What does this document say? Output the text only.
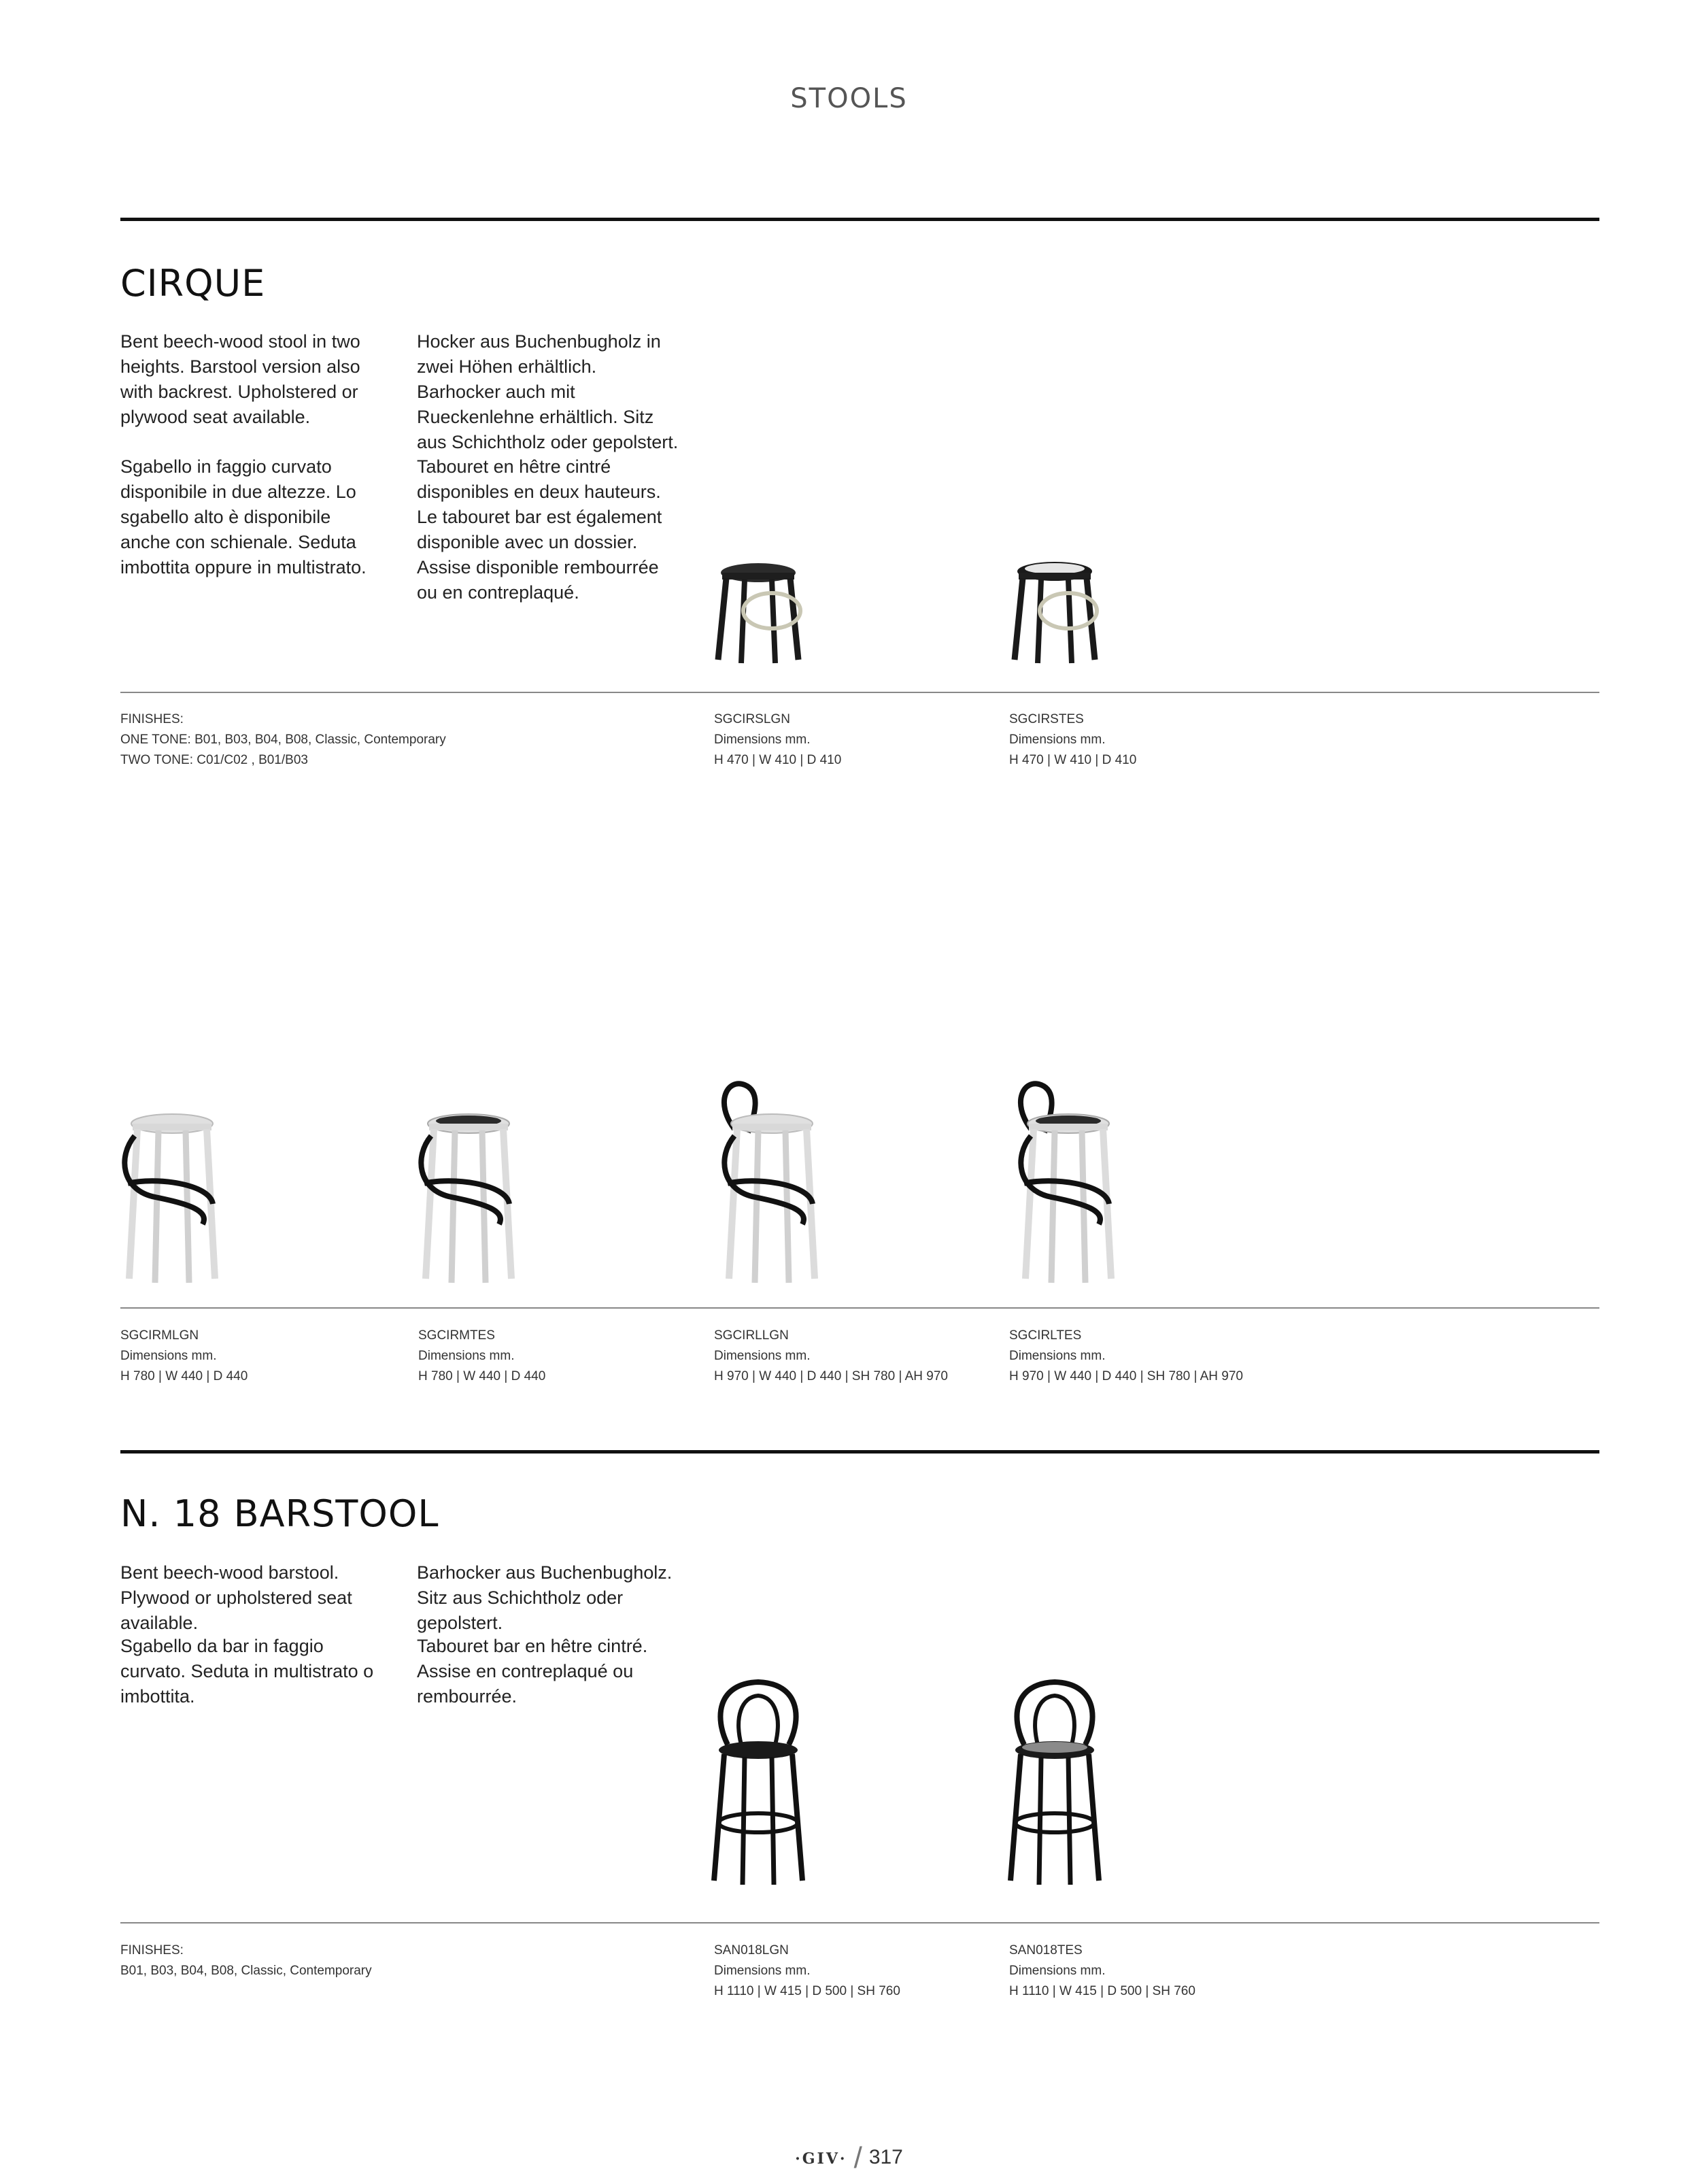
STOOLS
CIRQUE
Bent beech-wood stool in two heights. Barstool version also with backrest. Upholstered or plywood seat available.
Sgabello in faggio curvato disponibile in due altezze. Lo sgabello alto è disponibile anche con schienale. Seduta imbottita oppure in multistrato.
Hocker aus Buchenbugholz in zwei Höhen erhältlich. Barhocker auch mit Rueckenlehne erhältlich. Sitz aus Schichtholz oder gepolstert.
Tabouret en hêtre cintré disponibles en deux hauteurs. Le tabouret bar est également disponible avec un dossier. Assise disponible rembourrée ou en contreplaqué.
FINISHES:
ONE TONE: B01, B03, B04, B08, Classic, Contemporary
TWO TONE: C01/C02 , B01/B03
SGCIRSLGN
Dimensions mm.
H 470 | W 410 | D 410
SGCIRSTES
Dimensions mm.
H 470 | W 410 | D 410
SGCIRMLGN
Dimensions mm.
H 780 | W 440 | D 440
SGCIRMTES
Dimensions mm.
H 780 | W 440 | D 440
SGCIRLLGN
Dimensions mm.
H 970 | W 440 | D 440 | SH 780 | AH 970
SGCIRLTES
Dimensions mm.
H 970 | W 440 | D 440 | SH 780 | AH 970
N. 18 BARSTOOL
Bent beech-wood barstool. Plywood or upholstered seat available.
Sgabello da bar in faggio curvato. Seduta in multistrato o imbottita.
Barhocker aus Buchenbugholz. Sitz aus Schichtholz oder gepolstert.
Tabouret bar en hêtre cintré. Assise en contreplaqué ou rembourrée.
FINISHES:
B01, B03, B04, B08, Classic, Contemporary
SAN018LGN
Dimensions mm.
H 1110 | W 415 | D 500 | SH 760
SAN018TES
Dimensions mm.
H 1110 | W 415 | D 500 | SH 760
·GIV· / 317
